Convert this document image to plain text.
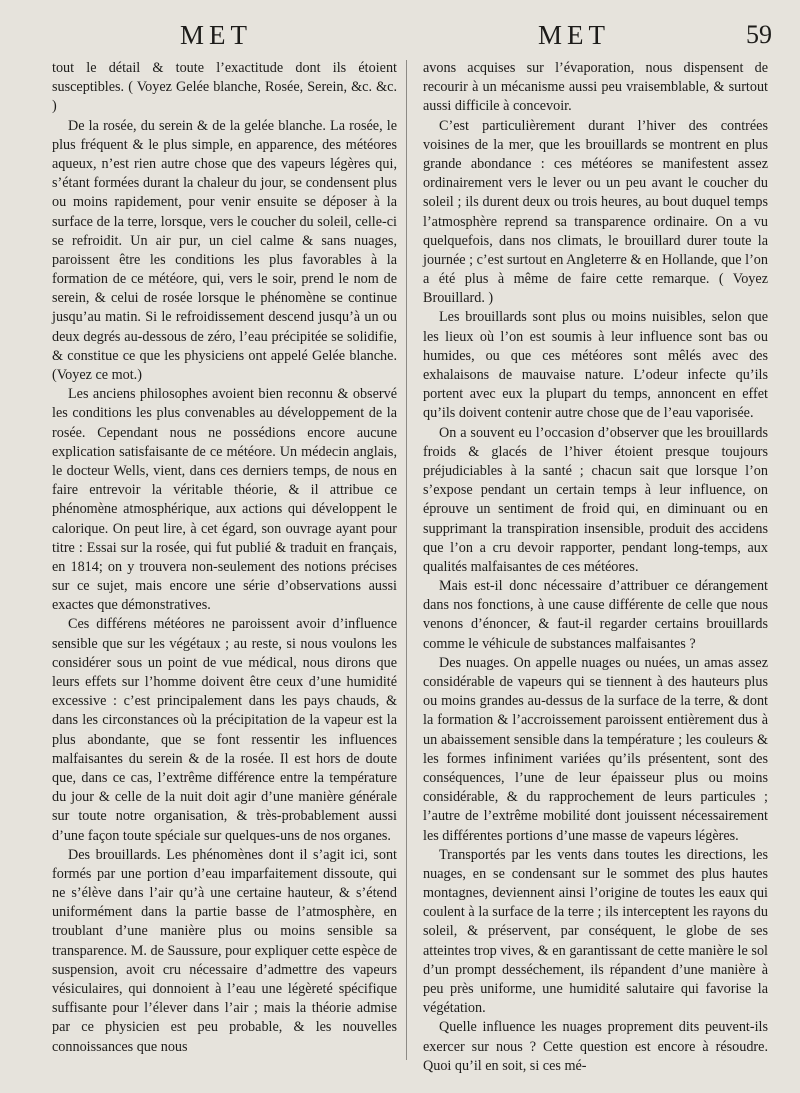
MET	MET	59

tout le détail & toute l’exactitude dont ils étoient susceptibles. ( Voyez Gelée blanche, Rosée, Serein, &c. &c. )

De la rosée, du serein & de la gelée blanche. La rosée, le plus fréquent & le plus simple, en apparence, des météores aqueux, n’est rien autre chose que des vapeurs légères qui, s’étant formées durant la chaleur du jour, se condensent plus ou moins rapidement, pour venir ensuite se déposer à la surface de la terre, lorsque, vers le coucher du soleil, celle-ci se refroidit. Un air pur, un ciel calme & sans nuages, paroissent être les conditions les plus favorables à la formation de ce météore, qui, vers le soir, prend le nom de serein, & celui de rosée lorsque le phénomène se continue jusqu’au matin. Si le refroidissement descend jusqu’à un ou deux degrés au-dessous de zéro, l’eau précipitée se solidifie, & constitue ce que les physiciens ont appelé Gelée blanche. (Voyez ce mot.)

Les anciens philosophes avoient bien reconnu & observé les conditions les plus convenables au développement de la rosée. Cependant nous ne possédions encore aucune explication satisfaisante de ce météore. Un médecin anglais, le docteur Wells, vient, dans ces derniers temps, de nous en faire entrevoir la véritable théorie, & il attribue ce phénomène atmosphérique, aux actions qui développent le calorique. On peut lire, à cet égard, son ouvrage ayant pour titre : Essai sur la rosée, qui fut publié & traduit en français, en 1814; on y trouvera non-seulement des notions précises sur ce sujet, mais encore une série d’observations aussi exactes que démonstratives.

Ces différens météores ne paroissent avoir d’influence sensible que sur les végétaux ; au reste, si nous voulons les considérer sous un point de vue médical, nous dirons que leurs effets sur l’homme doivent être ceux d’une humidité excessive : c’est principalement dans les pays chauds, & dans les circonstances où la précipitation de la vapeur est la plus abondante, que se font ressentir les influences malfaisantes du serein & de la rosée. Il est hors de doute que, dans ce cas, l’extrême différence entre la température du jour & celle de la nuit doit agir d’une manière générale sur toute notre organisation, & très-probablement aussi d’une façon toute spéciale sur quelques-uns de nos organes.

Des brouillards. Les phénomènes dont il s’agit ici, sont formés par une portion d’eau imparfaitement dissoute, qui ne s’élève dans l’air qu’à une certaine hauteur, & s’étend uniformément dans la partie basse de l’atmosphère, en troublant d’une manière plus ou moins sensible sa transparence. M. de Saussure, pour expliquer cette espèce de suspension, avoit cru nécessaire d’admettre des vapeurs vésiculaires, qui donnoient à l’eau une légèreté spécifique suffisante pour l’élever dans l’air ; mais la théorie admise par ce physicien est peu probable, & les nouvelles connoissances que nous

avons acquises sur l’évaporation, nous dispensent de recourir à un mécanisme aussi peu vraisemblable, & surtout aussi difficile à concevoir.

C’est particulièrement durant l’hiver des contrées voisines de la mer, que les brouillards se montrent en plus grande abondance : ces météores se manifestent assez ordinairement vers le lever ou un peu avant le coucher du soleil ; ils durent deux ou trois heures, au bout duquel temps l’atmosphère reprend sa transparence ordinaire. On a vu quelquefois, dans nos climats, le brouillard durer toute la journée ; c’est surtout en Angleterre & en Hollande, que l’on a été plus à même de faire cette remarque. ( Voyez Brouillard. )

Les brouillards sont plus ou moins nuisibles, selon que les lieux où l’on est soumis à leur influence sont bas ou humides, ou que ces météores sont mêlés avec des exhalaisons de mauvaise nature. L’odeur infecte qu’ils portent avec eux la plupart du temps, annoncent en effet qu’ils doivent contenir autre chose que de l’eau vaporisée.

On a souvent eu l’occasion d’observer que les brouillards froids & glacés de l’hiver étoient presque toujours préjudiciables à la santé ; chacun sait que lorsque l’on s’expose pendant un certain temps à leur influence, on éprouve un sentiment de froid qui, en diminuant ou en supprimant la transpiration insensible, produit des accidens que l’on a cru devoir rapporter, pendant long-temps, aux qualités malfaisantes de ces météores.

Mais est-il donc nécessaire d’attribuer ce dérangement dans nos fonctions, à une cause différente de celle que nous venons d’énoncer, & faut-il regarder certains brouillards comme le véhicule de substances malfaisantes ?

Des nuages. On appelle nuages ou nuées, un amas assez considérable de vapeurs qui se tiennent à des hauteurs plus ou moins grandes au-dessus de la surface de la terre, & dont la formation & l’accroissement paroissent entièrement dus à un abaissement sensible dans la température ; les couleurs & les formes infiniment variées qu’ils présentent, sont des conséquences, l’une de leur épaisseur plus ou moins considérable, & du rapprochement de leurs particules ; l’autre de l’extrême mobilité dont jouissent nécessairement les différentes portions d’une masse de vapeurs légères.

Transportés par les vents dans toutes les directions, les nuages, en se condensant sur le sommet des plus hautes montagnes, deviennent ainsi l’origine de toutes les eaux qui coulent à la surface de la terre ; ils interceptent les rayons du soleil, & préservent, par conséquent, le globe de ses atteintes trop vives, & en garantissant de cette manière le sol d’un prompt desséchement, ils répandent d’une manière à peu près uniforme, une humidité salutaire qui favorise la végétation.

Quelle influence les nuages proprement dits peuvent-ils exercer sur nous ? Cette question est encore à résoudre. Quoi qu’il en soit, si ces mé-
